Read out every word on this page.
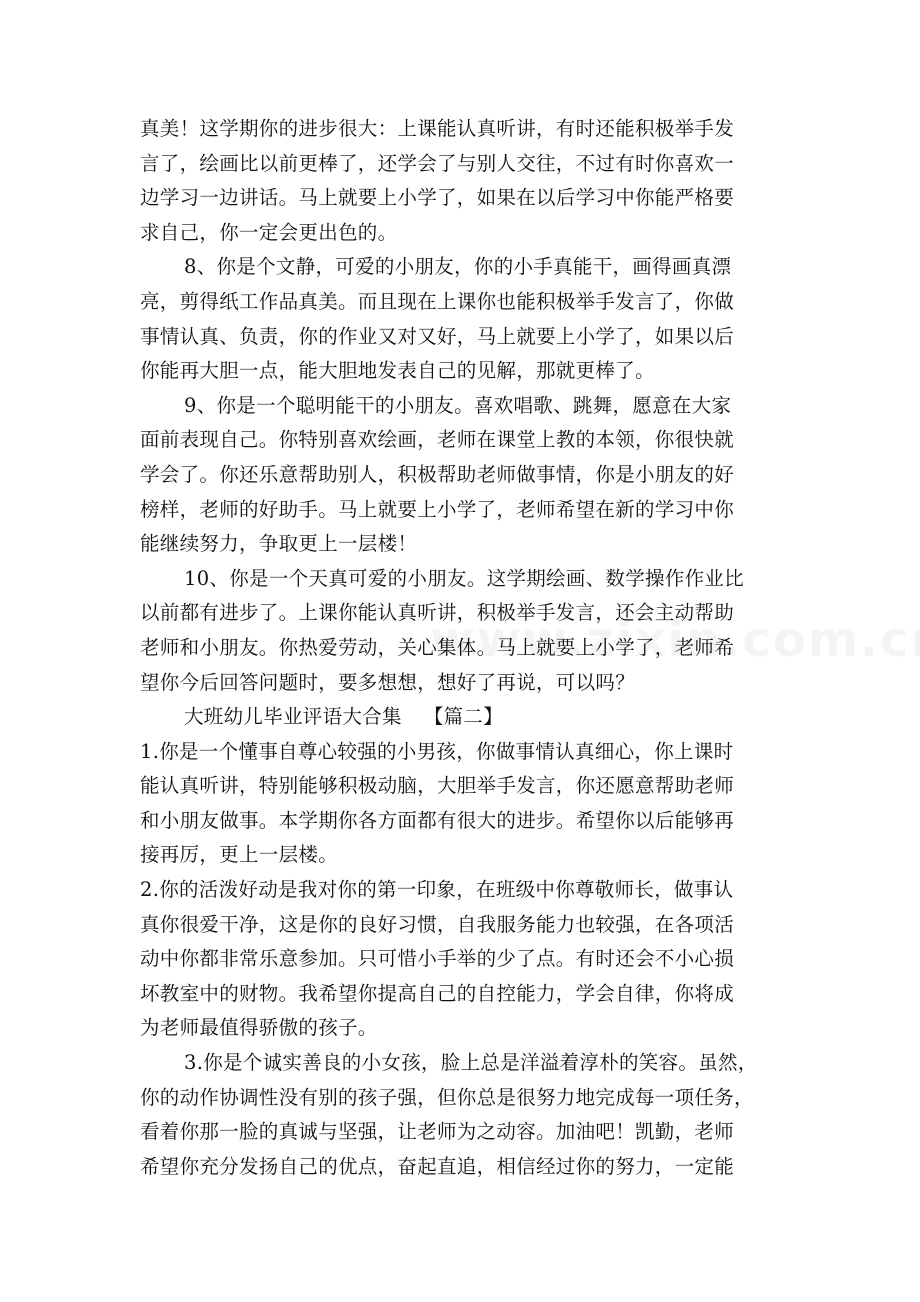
真美！这学期你的进步很大：上课能认真听讲，有时还能积极举手发
言了，绘画比以前更棒了，还学会了与别人交往，不过有时你喜欢一
边学习一边讲话。马上就要上小学了，如果在以后学习中你能严格要
求自己，你一定会更出色的。
8、你是个文静，可爱的小朋友，你的小手真能干，画得画真漂
亮，剪得纸工作品真美。而且现在上课你也能积极举手发言了，你做
事情认真、负责，你的作业又对又好，马上就要上小学了，如果以后
你能再大胆一点，能大胆地发表自己的见解，那就更棒了。
9、你是一个聪明能干的小朋友。喜欢唱歌、跳舞，愿意在大家
面前表现自己。你特别喜欢绘画，老师在课堂上教的本领，你很快就
学会了。你还乐意帮助别人，积极帮助老师做事情，你是小朋友的好
榜样，老师的好助手。马上就要上小学了，老师希望在新的学习中你
能继续努力，争取更上一层楼！
10、你是一个天真可爱的小朋友。这学期绘画、数学操作作业比
以前都有进步了。上课你能认真听讲，积极举手发言，还会主动帮助
老师和小朋友。你热爱劳动，关心集体。马上就要上小学了，老师希
望你今后回答问题时，要多想想，想好了再说，可以吗？
大班幼儿毕业评语大合集 【篇二】
1.你是一个懂事自尊心较强的小男孩，你做事情认真细心，你上课时
能认真听讲，特别能够积极动脑，大胆举手发言，你还愿意帮助老师
和小朋友做事。本学期你各方面都有很大的进步。希望你以后能够再
接再厉，更上一层楼。
2.你的活泼好动是我对你的第一印象，在班级中你尊敬师长，做事认
真你很爱干净，这是你的良好习惯，自我服务能力也较强，在各项活
动中你都非常乐意参加。只可惜小手举的少了点。有时还会不小心损
坏教室中的财物。我希望你提高自己的自控能力，学会自律，你将成
为老师最值得骄傲的孩子。
3.你是个诚实善良的小女孩，脸上总是洋溢着淳朴的笑容。虽然，
你的动作协调性没有别的孩子强，但你总是很努力地完成每一项任务，
看着你那一脸的真诚与坚强，让老师为之动容。加油吧！凯勤，老师
希望你充分发扬自己的优点，奋起直追，相信经过你的努力，一定能
